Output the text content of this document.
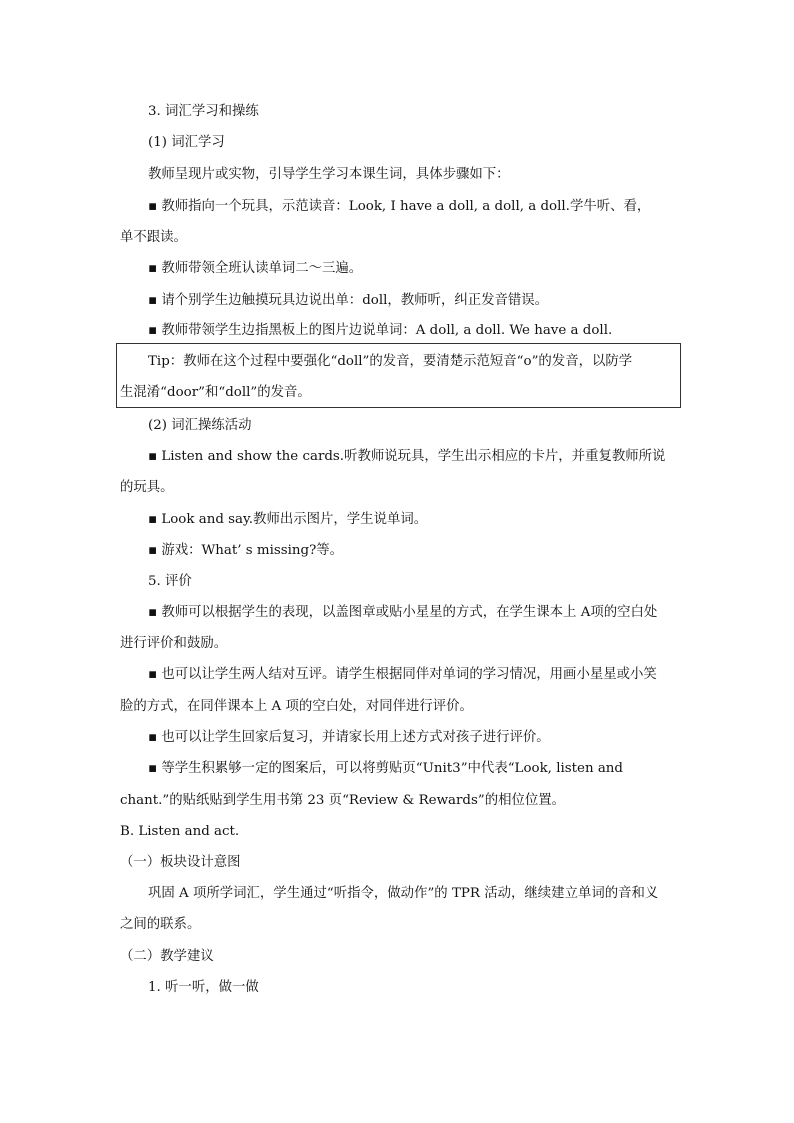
3. 词汇学习和操练
(1) 词汇学习
教师呈现片或实物，引导学生学习本课生词，具体步骤如下：
▪ 教师指向一个玩具，示范读音：Look, I have a doll, a doll, a doll.学牛听、看，
单不跟读。
▪ 教师带领全班认读单词二～三遍。
▪ 请个别学生边触摸玩具边说出单：doll，教师听，纠正发音错误。
▪ 教师带领学生边指黑板上的图片边说单词：A doll, a doll. We have a doll.
Tip：教师在这个过程中要强化“doll”的发音，要清楚示范短音“o”的发音，以防学
生混淆“door”和“doll”的发音。
(2) 词汇操练活动
▪ Listen and show the cards.听教师说玩具，学生出示相应的卡片，并重复教师所说
的玩具。
▪ Look and say.教师出示图片，学生说单词。
▪ 游戏：What’ s missing?等。
5. 评价
▪ 教师可以根据学生的表现，以盖图章或贴小星星的方式，在学生课本上 A项的空白处
进行评价和鼓励。
▪ 也可以让学生两人结对互评。请学生根据同伴对单词的学习情况，用画小星星或小笑
脸的方式，在同伴课本上 A 项的空白处，对同伴进行评价。
▪ 也可以让学生回家后复习，并请家长用上述方式对孩子进行评价。
▪ 等学生积累够一定的图案后，可以将剪贴页“Unit3”中代表“Look, listen and
chant.”的贴纸贴到学生用书第 23 页“Review & Rewards”的相位位置。
B. Listen and act.
（一）板块设计意图
巩固 A 项所学词汇，学生通过“听指令，做动作”的 TPR 活动，继续建立单词的音和义
之间的联系。
（二）教学建议
1. 听一听，做一做
